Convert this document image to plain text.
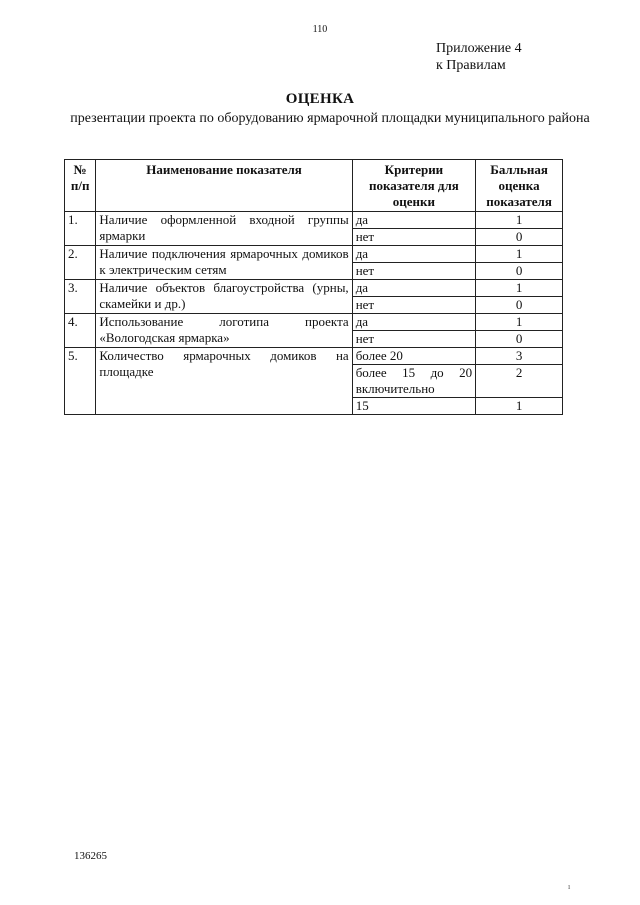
110
Приложение 4
к Правилам
ОЦЕНКА
презентации проекта по оборудованию ярмарочной площадки муниципального района
№ п/п	Наименование показателя	Критерии показателя для оценки	Балльная оценка показателя
1.	Наличие оформленной входной группы ярмарки	да	1
		нет	0
2.	Наличие подключения ярмарочных домиков к электрическим сетям	да	1
		нет	0
3.	Наличие объектов благоустройства (урны, скамейки и др.)	да	1
		нет	0
4.	Использование логотипа проекта «Вологодская ярмарка»	да	1
		нет	0
5.	Количество ярмарочных домиков на площадке	более 20	3
		более 15 до 20 включительно	2
		15	1
136265
ı
